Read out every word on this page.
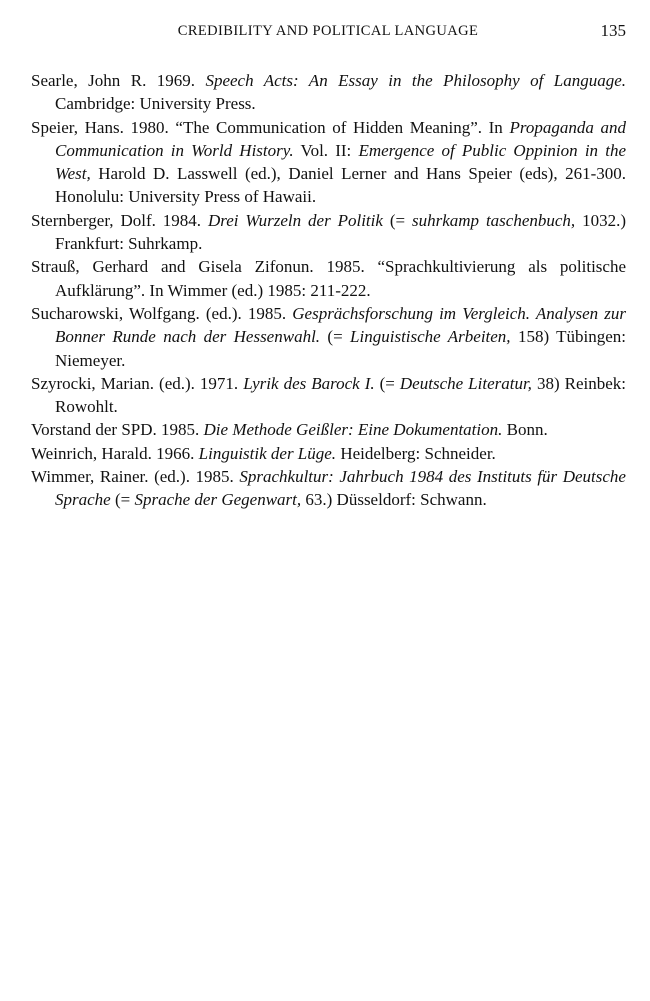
CREDIBILITY AND POLITICAL LANGUAGE	135

Searle, John R. 1969. Speech Acts: An Essay in the Philosophy of Language. Cambridge: University Press.

Speier, Hans. 1980. “The Communication of Hidden Meaning”. In Propaganda and Communication in World History. Vol. II: Emergence of Public Oppinion in the West, Harold D. Lasswell (ed.), Daniel Lerner and Hans Speier (eds), 261-300. Honolulu: University Press of Hawaii.

Sternberger, Dolf. 1984. Drei Wurzeln der Politik (= suhrkamp taschenbuch, 1032.) Frankfurt: Suhrkamp.

Strauß, Gerhard and Gisela Zifonun. 1985. “Sprachkultivierung als politische Aufklärung”. In Wimmer (ed.) 1985: 211-222.

Sucharowski, Wolfgang. (ed.). 1985. Gesprächsforschung im Vergleich. Analysen zur Bonner Runde nach der Hessenwahl. (= Linguistische Arbeiten, 158) Tübingen: Niemeyer.

Szyrocki, Marian. (ed.). 1971. Lyrik des Barock I. (= Deutsche Literatur, 38) Reinbek: Rowohlt.

Vorstand der SPD. 1985. Die Methode Geißler: Eine Dokumentation. Bonn.

Weinrich, Harald. 1966. Linguistik der Lüge. Heidelberg: Schneider.

Wimmer, Rainer. (ed.). 1985. Sprachkultur: Jahrbuch 1984 des Instituts für Deutsche Sprache (= Sprache der Gegenwart, 63.) Düsseldorf: Schwann.
